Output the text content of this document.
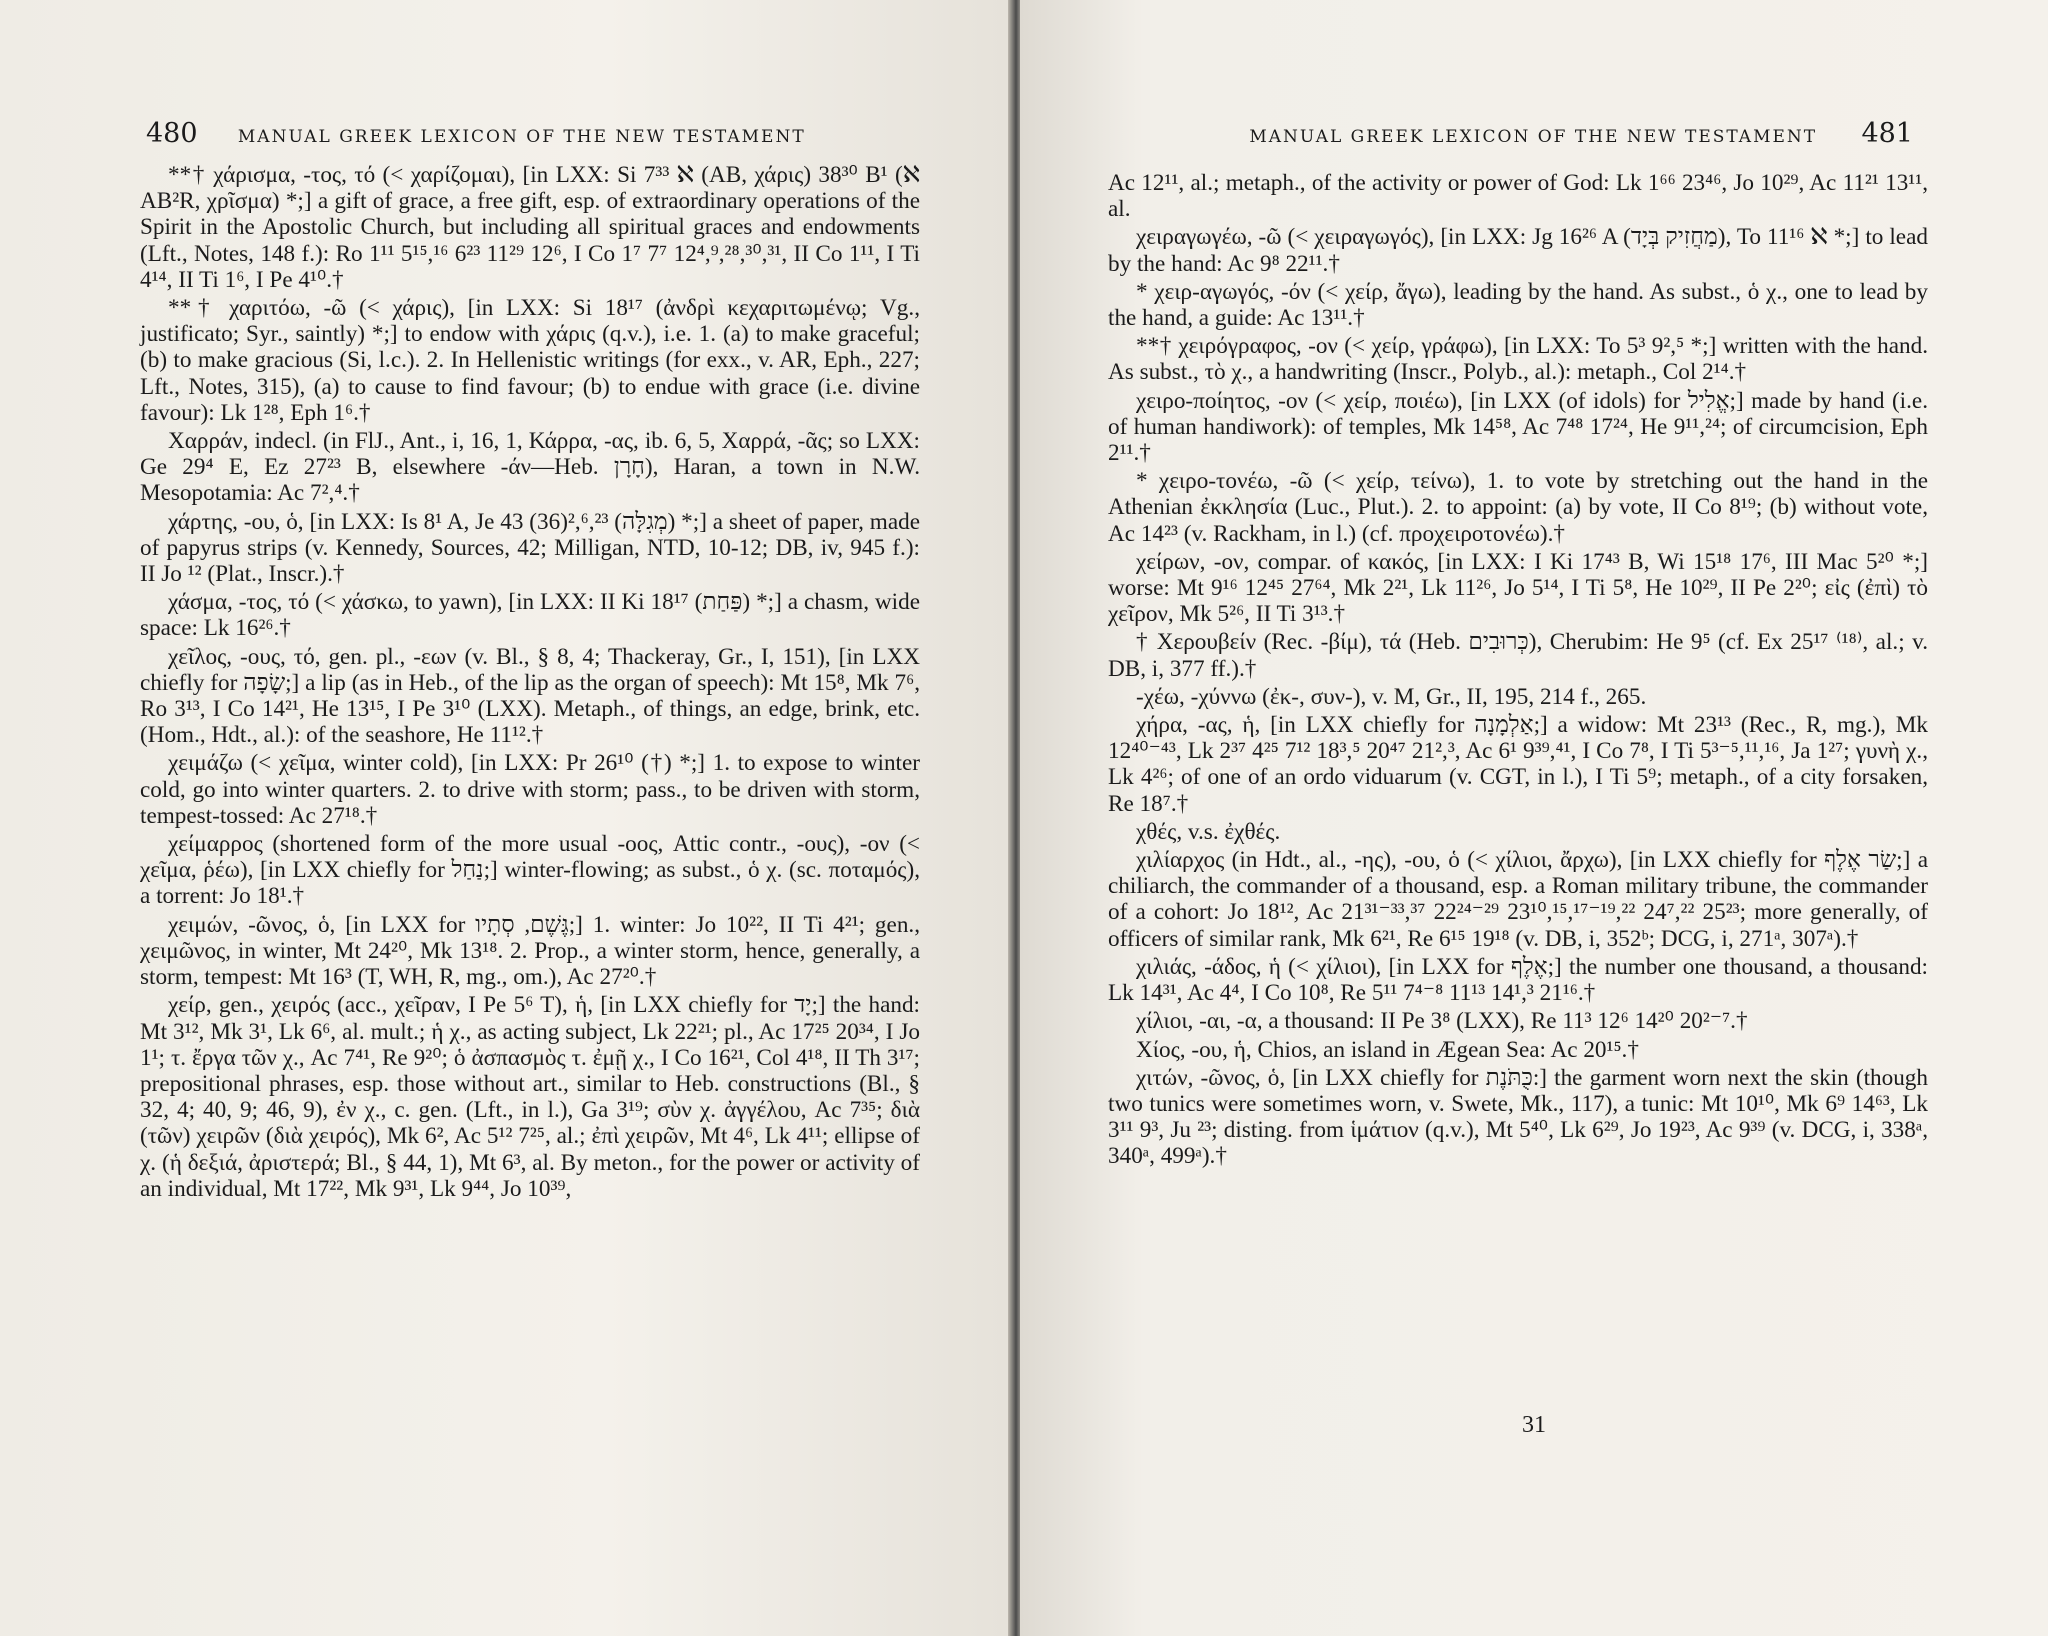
480 MANUAL GREEK LEXICON OF THE NEW TESTAMENT

**† χάρισμα, -τος, τό (< χαρίζομαι), [in LXX: Si 7³³ ℵ (AB, χάρις) 38³⁰ B¹ (ℵ AB²R, χρῖσμα) *;] a gift of grace, a free gift, esp. of extraordinary operations of the Spirit in the Apostolic Church, but including all spiritual graces and endowments (Lft., Notes, 148 f.): Ro 1¹¹ 5¹⁵,¹⁶ 6²³ 11²⁹ 12⁶, I Co 1⁷ 7⁷ 12⁴,⁹,²⁸,³⁰,³¹, II Co 1¹¹, I Ti 4¹⁴, II Ti 1⁶, I Pe 4¹⁰.†

**† χαριτόω, -ῶ (< χάρις), [in LXX: Si 18¹⁷ (ἀνδρὶ κεχαριτωμένῳ; Vg., justificato; Syr., saintly) *;] to endow with χάρις (q.v.), i.e. 1. (a) to make graceful; (b) to make gracious (Si, l.c.). 2. In Hellenistic writings (for exx., v. AR, Eph., 227; Lft., Notes, 315), (a) to cause to find favour; (b) to endue with grace (i.e. divine favour): Lk 1²⁸, Eph 1⁶.†

Χαρράν, indecl. (in FlJ., Ant., i, 16, 1, Κάρρα, -ας, ib. 6, 5, Χαρρά, -ᾶς; so LXX: Ge 29⁴ E, Ez 27²³ B, elsewhere -άν—Heb. חָרָן), Haran, a town in N.W. Mesopotamia: Ac 7²,⁴.†

χάρτης, -ου, ὁ, [in LXX: Is 8¹ A, Je 43 (36)²,⁶,²³ (מְגִלָּה) *;] a sheet of paper, made of papyrus strips (v. Kennedy, Sources, 42; Milligan, NTD, 10-12; DB, iv, 945 f.): II Jo ¹² (Plat., Inscr.).†

χάσμα, -τος, τό (< χάσκω, to yawn), [in LXX: II Ki 18¹⁷ (פַּחַת) *;] a chasm, wide space: Lk 16²⁶.†

χεῖλος, -ους, τό, gen. pl., -εων (v. Bl., § 8, 4; Thackeray, Gr., I, 151), [in LXX chiefly for שָׂפָה;] a lip (as in Heb., of the lip as the organ of speech): Mt 15⁸, Mk 7⁶, Ro 3¹³, I Co 14²¹, He 13¹⁵, I Pe 3¹⁰ (LXX). Metaph., of things, an edge, brink, etc. (Hom., Hdt., al.): of the seashore, He 11¹².†

χειμάζω (< χεῖμα, winter cold), [in LXX: Pr 26¹⁰ (†) *;] 1. to expose to winter cold, go into winter quarters. 2. to drive with storm; pass., to be driven with storm, tempest-tossed: Ac 27¹⁸.†

χείμαρρος (shortened form of the more usual -οος, Attic contr., -ους), -ον (< χεῖμα, ῥέω), [in LXX chiefly for נַחַל;] winter-flowing; as subst., ὁ χ. (sc. ποταμός), a torrent: Jo 18¹.†

χειμών, -ῶνος, ὁ, [in LXX for גֶּשֶׁם, סְתָיו;] 1. winter: Jo 10²², II Ti 4²¹; gen., χειμῶνος, in winter, Mt 24²⁰, Mk 13¹⁸. 2. Prop., a winter storm, hence, generally, a storm, tempest: Mt 16³ (T, WH, R, mg., om.), Ac 27²⁰.†

χείρ, gen., χειρός (acc., χεῖραν, I Pe 5⁶ T), ἡ, [in LXX chiefly for יָד;] the hand: Mt 3¹², Mk 3¹, Lk 6⁶, al. mult.; ἡ χ., as acting subject, Lk 22²¹; pl., Ac 17²⁵ 20³⁴, I Jo 1¹; τ. ἔργα τῶν χ., Ac 7⁴¹, Re 9²⁰; ὁ ἀσπασμὸς τ. ἐμῇ χ., I Co 16²¹, Col 4¹⁸, II Th 3¹⁷; prepositional phrases, esp. those without art., similar to Heb. constructions (Bl., § 32, 4; 40, 9; 46, 9), ἐν χ., c. gen. (Lft., in l.), Ga 3¹⁹; σὺν χ. ἀγγέλου, Ac 7³⁵; διὰ (τῶν) χειρῶν (διὰ χειρός), Mk 6², Ac 5¹² 7²⁵, al.; ἐπὶ χειρῶν, Mt 4⁶, Lk 4¹¹; ellipse of χ. (ἡ δεξιά, ἀριστερά; Bl., § 44, 1), Mt 6³, al. By meton., for the power or activity of an individual, Mt 17²², Mk 9³¹, Lk 9⁴⁴, Jo 10³⁹,

MANUAL GREEK LEXICON OF THE NEW TESTAMENT 481

Ac 12¹¹, al.; metaph., of the activity or power of God: Lk 1⁶⁶ 23⁴⁶, Jo 10²⁹, Ac 11²¹ 13¹¹, al.

χειραγωγέω, -ῶ (< χειραγωγός), [in LXX: Jg 16²⁶ A (מַחֲזִיק בְּיָד), To 11¹⁶ ℵ *;] to lead by the hand: Ac 9⁸ 22¹¹.†

* χειρ-αγωγός, -όν (< χείρ, ἄγω), leading by the hand. As subst., ὁ χ., one to lead by the hand, a guide: Ac 13¹¹.†

**† χειρόγραφος, -ον (< χείρ, γράφω), [in LXX: To 5³ 9²,⁵ *;] written with the hand. As subst., τὸ χ., a handwriting (Inscr., Polyb., al.): metaph., Col 2¹⁴.†

χειρο-ποίητος, -ον (< χείρ, ποιέω), [in LXX (of idols) for אֱלִיל;] made by hand (i.e. of human handiwork): of temples, Mk 14⁵⁸, Ac 7⁴⁸ 17²⁴, He 9¹¹,²⁴; of circumcision, Eph 2¹¹.†

* χειρο-τονέω, -ῶ (< χείρ, τείνω), 1. to vote by stretching out the hand in the Athenian ἐκκλησία (Luc., Plut.). 2. to appoint: (a) by vote, II Co 8¹⁹; (b) without vote, Ac 14²³ (v. Rackham, in l.) (cf. προχειροτονέω).†

χείρων, -ον, compar. of κακός, [in LXX: I Ki 17⁴³ B, Wi 15¹⁸ 17⁶, III Mac 5²⁰ *;] worse: Mt 9¹⁶ 12⁴⁵ 27⁶⁴, Mk 2²¹, Lk 11²⁶, Jo 5¹⁴, I Ti 5⁸, He 10²⁹, II Pe 2²⁰; εἰς (ἐπὶ) τὸ χεῖρον, Mk 5²⁶, II Ti 3¹³.†

† Χερουβείν (Rec. -βίμ), τά (Heb. כְּרוּבִים), Cherubim: He 9⁵ (cf. Ex 25¹⁷ ⁽¹⁸⁾, al.; v. DB, i, 377 ff.).†

-χέω, -χύννω (ἐκ-, συν-), v. M, Gr., II, 195, 214 f., 265.

χήρα, -ας, ἡ, [in LXX chiefly for אַלְמָנָה;] a widow: Mt 23¹³ (Rec., R, mg.), Mk 12⁴⁰⁻⁴³, Lk 2³⁷ 4²⁵ 7¹² 18³,⁵ 20⁴⁷ 21²,³, Ac 6¹ 9³⁹,⁴¹, I Co 7⁸, I Ti 5³⁻⁵,¹¹,¹⁶, Ja 1²⁷; γυνὴ χ., Lk 4²⁶; of one of an ordo viduarum (v. CGT, in l.), I Ti 5⁹; metaph., of a city forsaken, Re 18⁷.†

χθές, v.s. ἐχθές.

χιλίαρχος (in Hdt., al., -ης), -ου, ὁ (< χίλιοι, ἄρχω), [in LXX chiefly for שַׂר אֶלֶף;] a chiliarch, the commander of a thousand, esp. a Roman military tribune, the commander of a cohort: Jo 18¹², Ac 21³¹⁻³³,³⁷ 22²⁴⁻²⁹ 23¹⁰,¹⁵,¹⁷⁻¹⁹,²² 24⁷,²² 25²³; more generally, of officers of similar rank, Mk 6²¹, Re 6¹⁵ 19¹⁸ (v. DB, i, 352ᵇ; DCG, i, 271ᵃ, 307ᵃ).†

χιλιάς, -άδος, ἡ (< χίλιοι), [in LXX for אֶלֶף;] the number one thousand, a thousand: Lk 14³¹, Ac 4⁴, I Co 10⁸, Re 5¹¹ 7⁴⁻⁸ 11¹³ 14¹,³ 21¹⁶.†

χίλιοι, -αι, -α, a thousand: II Pe 3⁸ (LXX), Re 11³ 12⁶ 14²⁰ 20²⁻⁷.†

Χίος, -ου, ἡ, Chios, an island in Ægean Sea: Ac 20¹⁵.†

χιτών, -ῶνος, ὁ, [in LXX chiefly for כֻּתֹּנֶת:] the garment worn next the skin (though two tunics were sometimes worn, v. Swete, Mk., 117), a tunic: Mt 10¹⁰, Mk 6⁹ 14⁶³, Lk 3¹¹ 9³, Ju ²³; disting. from ἱμάτιον (q.v.), Mt 5⁴⁰, Lk 6²⁹, Jo 19²³, Ac 9³⁹ (v. DCG, i, 338ᵃ, 340ᵃ, 499ᵃ).†

31
